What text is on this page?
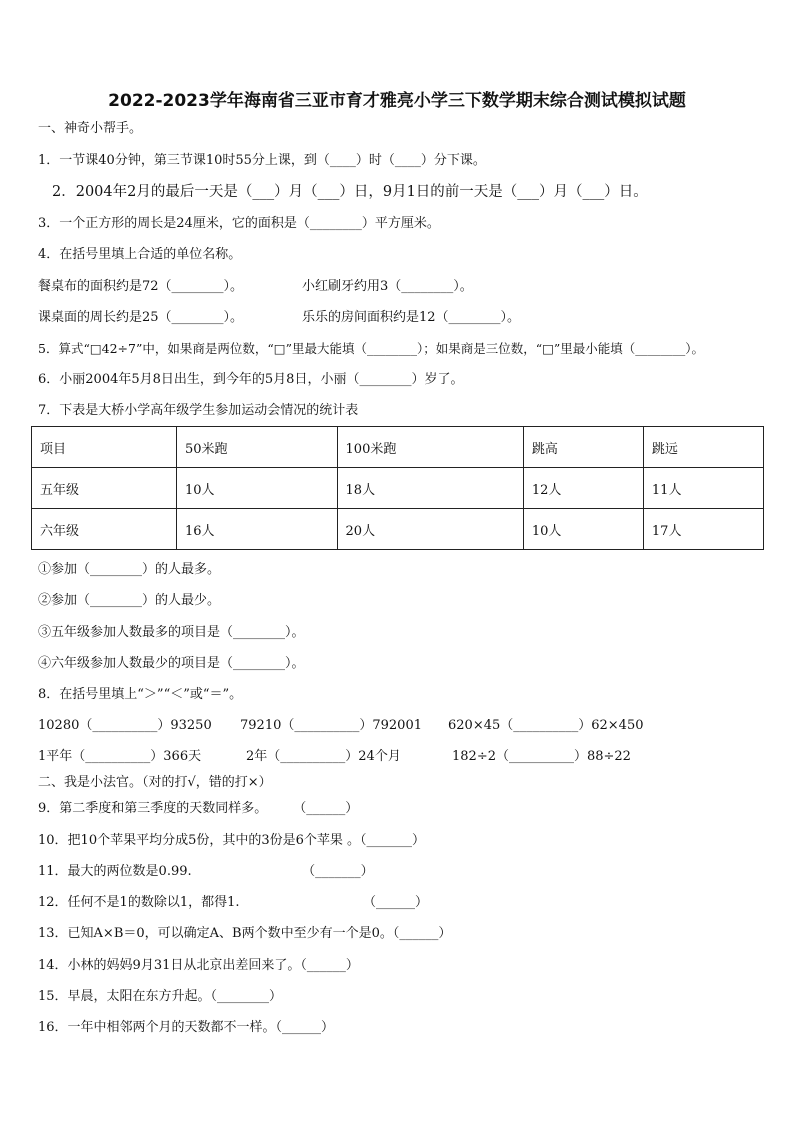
2022-2023学年海南省三亚市育才雅亮小学三下数学期末综合测试模拟试题
一、神奇小帮手。
1．一节课40分钟，第三节课10时55分上课，到（____）时（____）分下课。
2．2004年2月的最后一天是（___）月（___）日，9月1日的前一天是（___）月（___）日。
3．一个正方形的周长是24厘米，它的面积是（________）平方厘米。
4．在括号里填上合适的单位名称。
餐桌布的面积约是72（________）。	小红刷牙约用3（________）。
课桌面的周长约是25（________）。	乐乐的房间面积约是12（________）。
5．算式“□42÷7”中，如果商是两位数，“□”里最大能填（________）；如果商是三位数，“□”里最小能填（________）。
6．小丽2004年5月8日出生，到今年的5月8日，小丽（________）岁了。
7．下表是大桥小学高年级学生参加运动会情况的统计表
项目	50米跑	100米跑	跳高	跳远
五年级	10人	18人	12人	11人
六年级	16人	20人	10人	17人
①参加（________）的人最多。
②参加（________）的人最少。
③五年级参加人数最多的项目是（________）。
④六年级参加人数最少的项目是（________）。
8．在括号里填上“＞”“＜”或“＝”。
10280（__________）93250 79210（__________）792001 620×45（__________）62×450
1平年（__________）366天	2年（__________）24个月	182÷2（__________）88÷22
二、我是小法官。（对的打√，错的打×）
9．第二季度和第三季度的天数同样多。　　　（______）
10．把10个苹果平均分成5份，其中的3份是6个苹果 。（_______）
11．最大的两位数是0.99.　　　　　　　　　（_______）
12．任何不是1的数除以1，都得1.　　　　　　　　　　（______）
13．已知A×B＝0，可以确定A、B两个数中至少有一个是0。（______）
14．小林的妈妈9月31日从北京出差回来了。（______）
15．早晨，太阳在东方升起。（________）
16．一年中相邻两个月的天数都不一样。（______）
